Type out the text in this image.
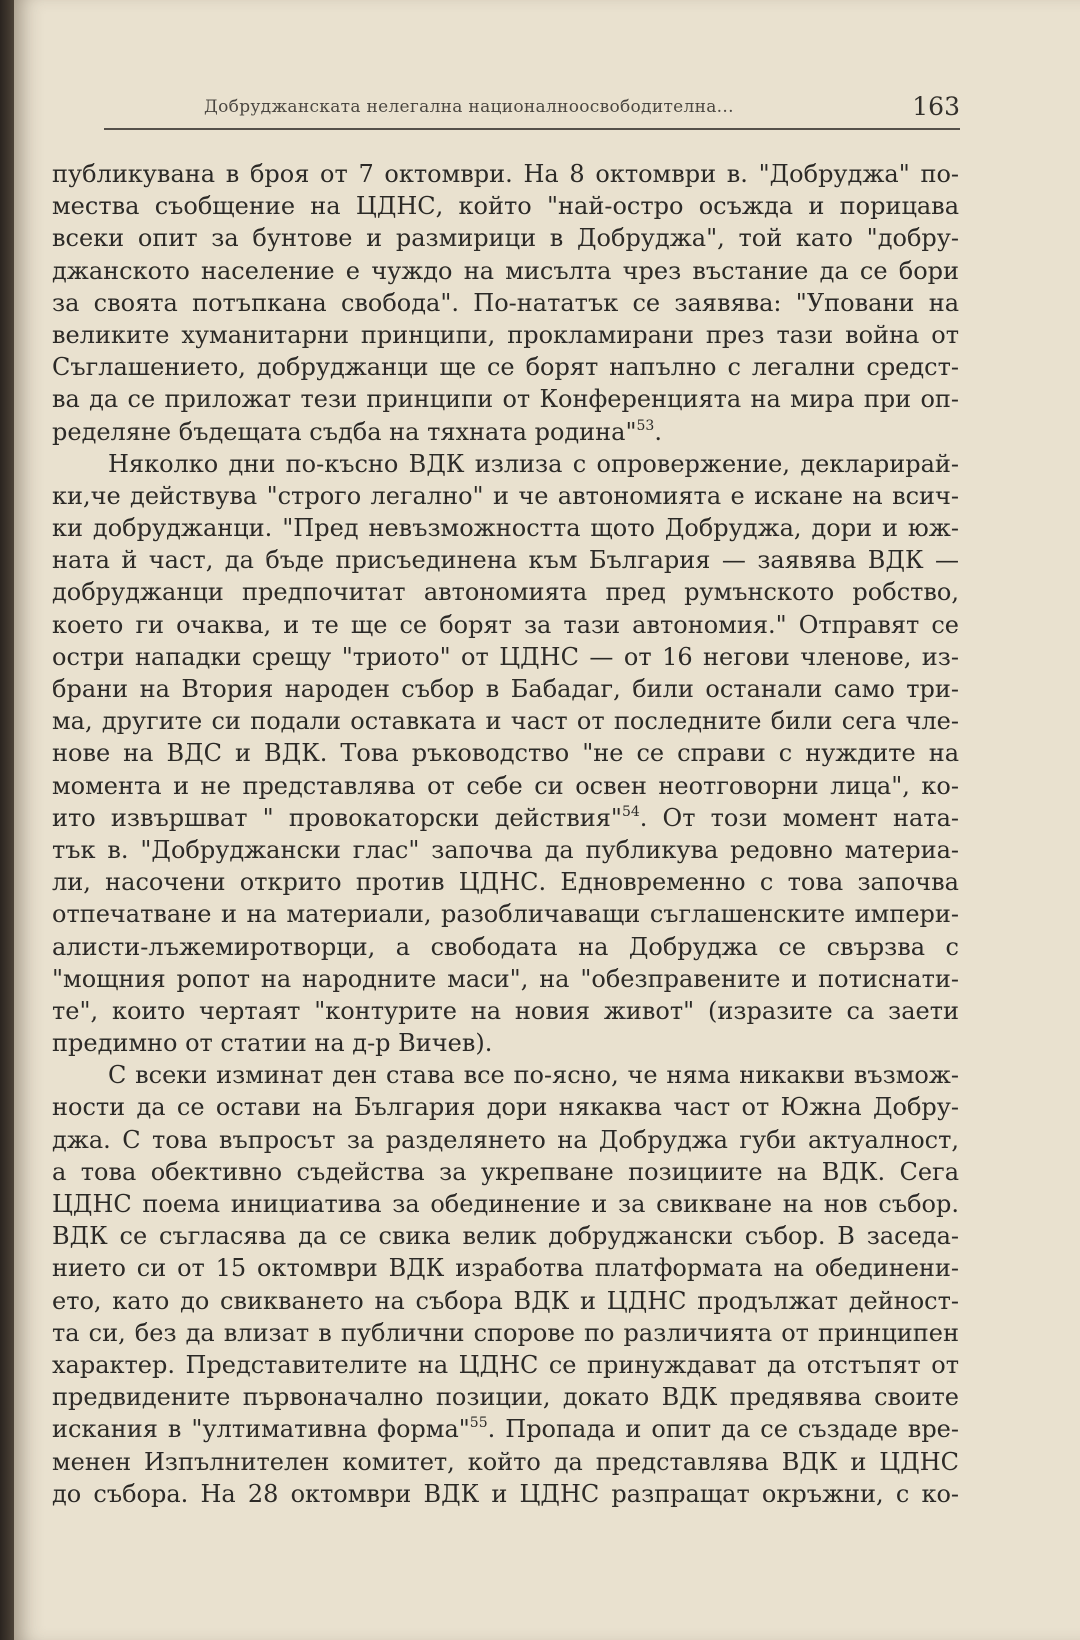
Добруджанската нелегална националноосвободителна...	163
публикувана в броя от 7 октомври. На 8 октомври в. "Добруджа" по-
мества съобщение на ЦДНС, който "най-остро осъжда и порицава
всеки опит за бунтове и размирици в Добруджа", той като "добру-
джанското население е чуждо на мисълта чрез въстание да се бори
за своята потъпкана свобода". По-нататък се заявява: "Уповани на
великите хуманитарни принципи, прокламирани през тази война от
Съглашението, добруджанци ще се борят напълно с легални средст-
ва да се приложат тези принципи от Конференцията на мира при оп-
ределяне бъдещата съдба на тяхната родина"$^{53}$.
Няколко дни по-късно ВДК излиза с опровержение, декларирай-
ки,че действува "строго легално" и че автономията е искане на всич-
ки добруджанци. "Пред невъзможността щото Добруджа, дори и юж-
ната й част, да бъде присъединена към България — заявява ВДК —
добруджанци предпочитат автономията пред румънското робство,
което ги очаква, и те ще се борят за тази автономия." Отправят се
остри нападки срещу "триото" от ЦДНС — от 16 негови членове, из-
брани на Втория народен събор в Бабадаг, били останали само три-
ма, другите си подали оставката и част от последните били сега чле-
нове на ВДС и ВДК. Това ръководство "не се справи с нуждите на
момента и не представлява от себе си освен неотговорни лица", ко-
ито извършват " провокаторски действия"$^{54}$. От този момент ната-
тък в. "Добруджански глас" започва да публикува редовно материа-
ли, насочени открито против ЦДНС. Едновременно с това започва
отпечатване и на материали, разобличаващи съглашенските импери-
алисти-лъжемиротворци, а свободата на Добруджа се свързва с
"мощния ропот на народните маси", на "обезправените и потиснати-
те", които чертаят "контурите на новия живот" (изразите са заети
предимно от статии на д-р Вичев).
С всеки изминат ден става все по-ясно, че няма никакви възмож-
ности да се остави на България дори някаква част от Южна Добру-
джа. С това въпросът за разделянето на Добруджа губи актуалност,
а това обективно съдейства за укрепване позициите на ВДК. Сега
ЦДНС поема инициатива за обединение и за свикване на нов събор.
ВДК се съгласява да се свика велик добруджански събор. В заседа-
нието си от 15 октомври ВДК изработва платформата на обединени-
ето, като до свикването на събора ВДК и ЦДНС продължат дейност-
та си, без да влизат в публични спорове по различията от принципен
характер. Представителите на ЦДНС се принуждават да отстъпят от
предвидените първоначално позиции, докато ВДК предявява своите
искания в "ултимативна форма"$^{55}$. Пропада и опит да се създаде вре-
менен Изпълнителен комитет, който да представлява ВДК и ЦДНС
до събора. На 28 октомври ВДК и ЦДНС разпращат окръжни, с ко-
